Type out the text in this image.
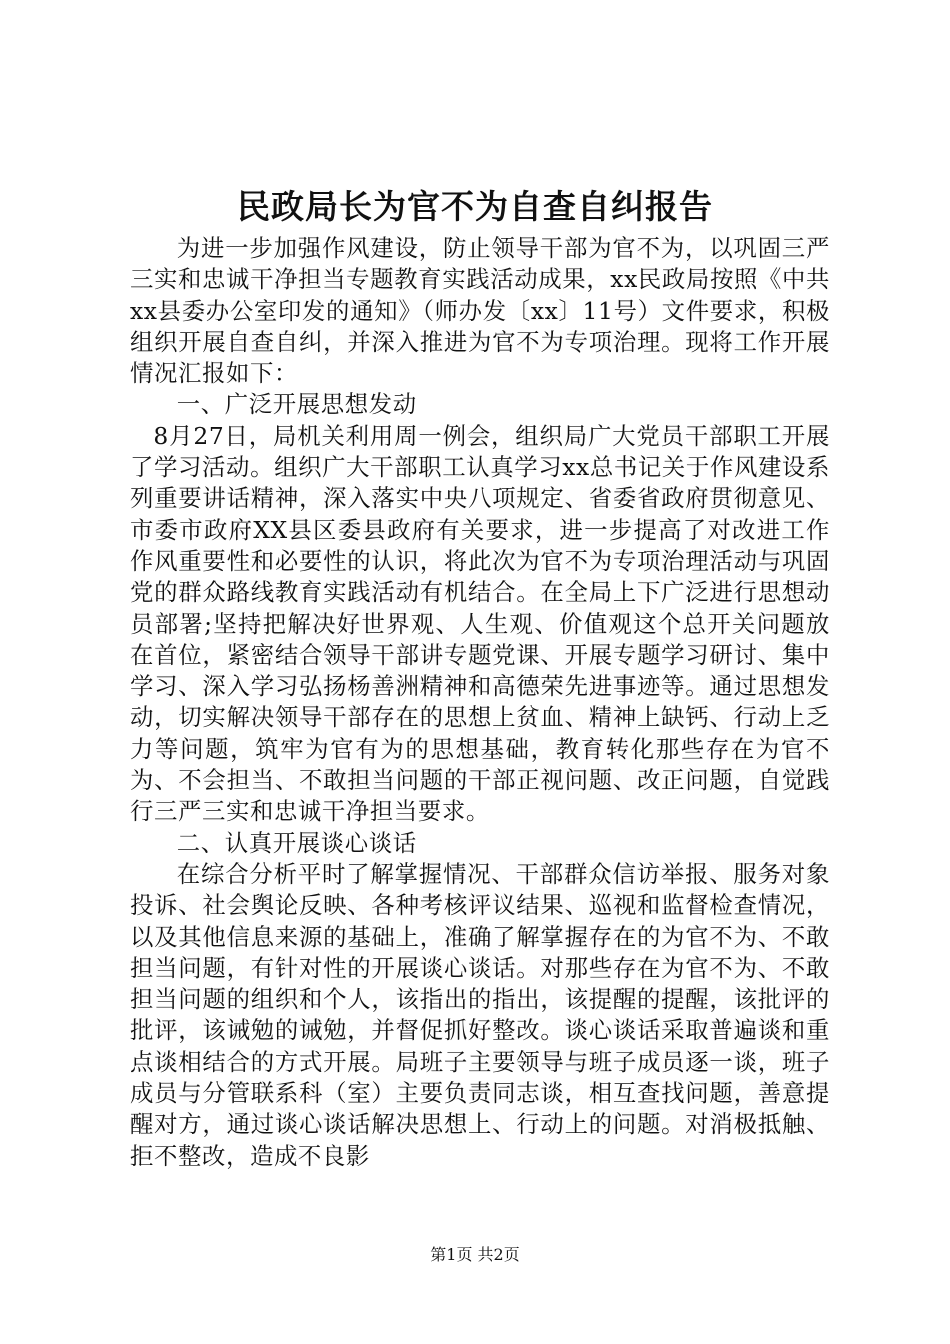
民政局长为官不为自查自纠报告

为进一步加强作风建设，防止领导干部为官不为，以巩固三严三实和忠诚干净担当专题教育实践活动成果，xx民政局按照《中共xx县委办公室印发的通知》（师办发〔xx〕11号）文件要求，积极组织开展自查自纠，并深入推进为官不为专项治理。现将工作开展情况汇报如下：

一、广泛开展思想发动

8月27日，局机关利用周一例会，组织局广大党员干部职工开展了学习活动。组织广大干部职工认真学习xx总书记关于作风建设系列重要讲话精神，深入落实中央八项规定、省委省政府贯彻意见、市委市政府XX县区委县政府有关要求，进一步提高了对改进工作作风重要性和必要性的认识，将此次为官不为专项治理活动与巩固党的群众路线教育实践活动有机结合。在全局上下广泛进行思想动员部署;坚持把解决好世界观、人生观、价值观这个总开关问题放在首位，紧密结合领导干部讲专题党课、开展专题学习研讨、集中学习、深入学习弘扬杨善洲精神和高德荣先进事迹等。通过思想发动，切实解决领导干部存在的思想上贫血、精神上缺钙、行动上乏力等问题，筑牢为官有为的思想基础，教育转化那些存在为官不为、不会担当、不敢担当问题的干部正视问题、改正问题，自觉践行三严三实和忠诚干净担当要求。

二、认真开展谈心谈话

在综合分析平时了解掌握情况、干部群众信访举报、服务对象投诉、社会舆论反映、各种考核评议结果、巡视和监督检查情况，以及其他信息来源的基础上，准确了解掌握存在的为官不为、不敢担当问题，有针对性的开展谈心谈话。对那些存在为官不为、不敢担当问题的组织和个人，该指出的指出，该提醒的提醒，该批评的批评，该诫勉的诫勉，并督促抓好整改。谈心谈话采取普遍谈和重点谈相结合的方式开展。局班子主要领导与班子成员逐一谈，班子成员与分管联系科（室）主要负责同志谈，相互查找问题，善意提醒对方，通过谈心谈话解决思想上、行动上的问题。对消极抵触、拒不整改，造成不良影

第1页 共2页
